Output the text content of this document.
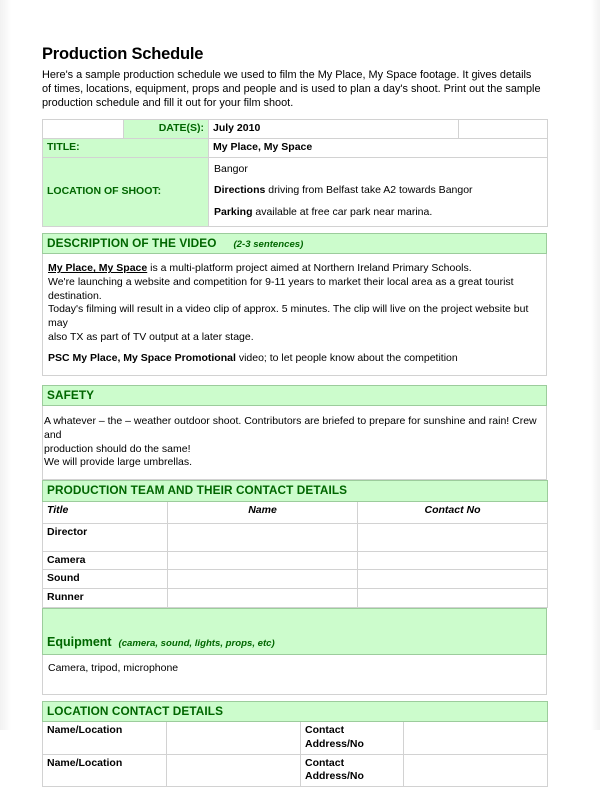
Production Schedule

Here's a sample production schedule we used to film the My Place, My Space footage. It gives details of times, locations, equipment, props and people and is used to plan a day's shoot. Print out the sample production schedule and fill it out for your film shoot.

	DATE(S):	July 2010	
TITLE:		My Place, My Space	
LOCATION OF SHOOT:		Bangor

Directions driving from Belfast take A2 towards Bangor

Parking available at free car park near marina.	

DESCRIPTION OF THE VIDEO (2-3 sentences)

My Place, My Space is a multi-platform project aimed at Northern Ireland Primary Schools.

We're launching a website and competition for 9-11 years to market their local area as a great tourist destination.

Today's filming will result in a video clip of approx. 5 minutes. The clip will live on the project website but may

also TX as part of TV output at a later stage.

PSC My Place, My Space Promotional video; to let people know about the competition

SAFETY

A whatever – the – weather outdoor shoot. Contributors are briefed to prepare for sunshine and rain! Crew and

production should do the same!

We will provide large umbrellas.

PRODUCTION TEAM AND THEIR CONTACT DETAILS		
Title	Name	Contact No
Director		
Camera		
Sound		
Runner		
Equipment (camera, sound, lights, props, etc)
Camera, tripod, microphone
LOCATION CONTACT DETAILS			
Name/Location		Contact Address/No	
Name/Location		Contact Address/No	
